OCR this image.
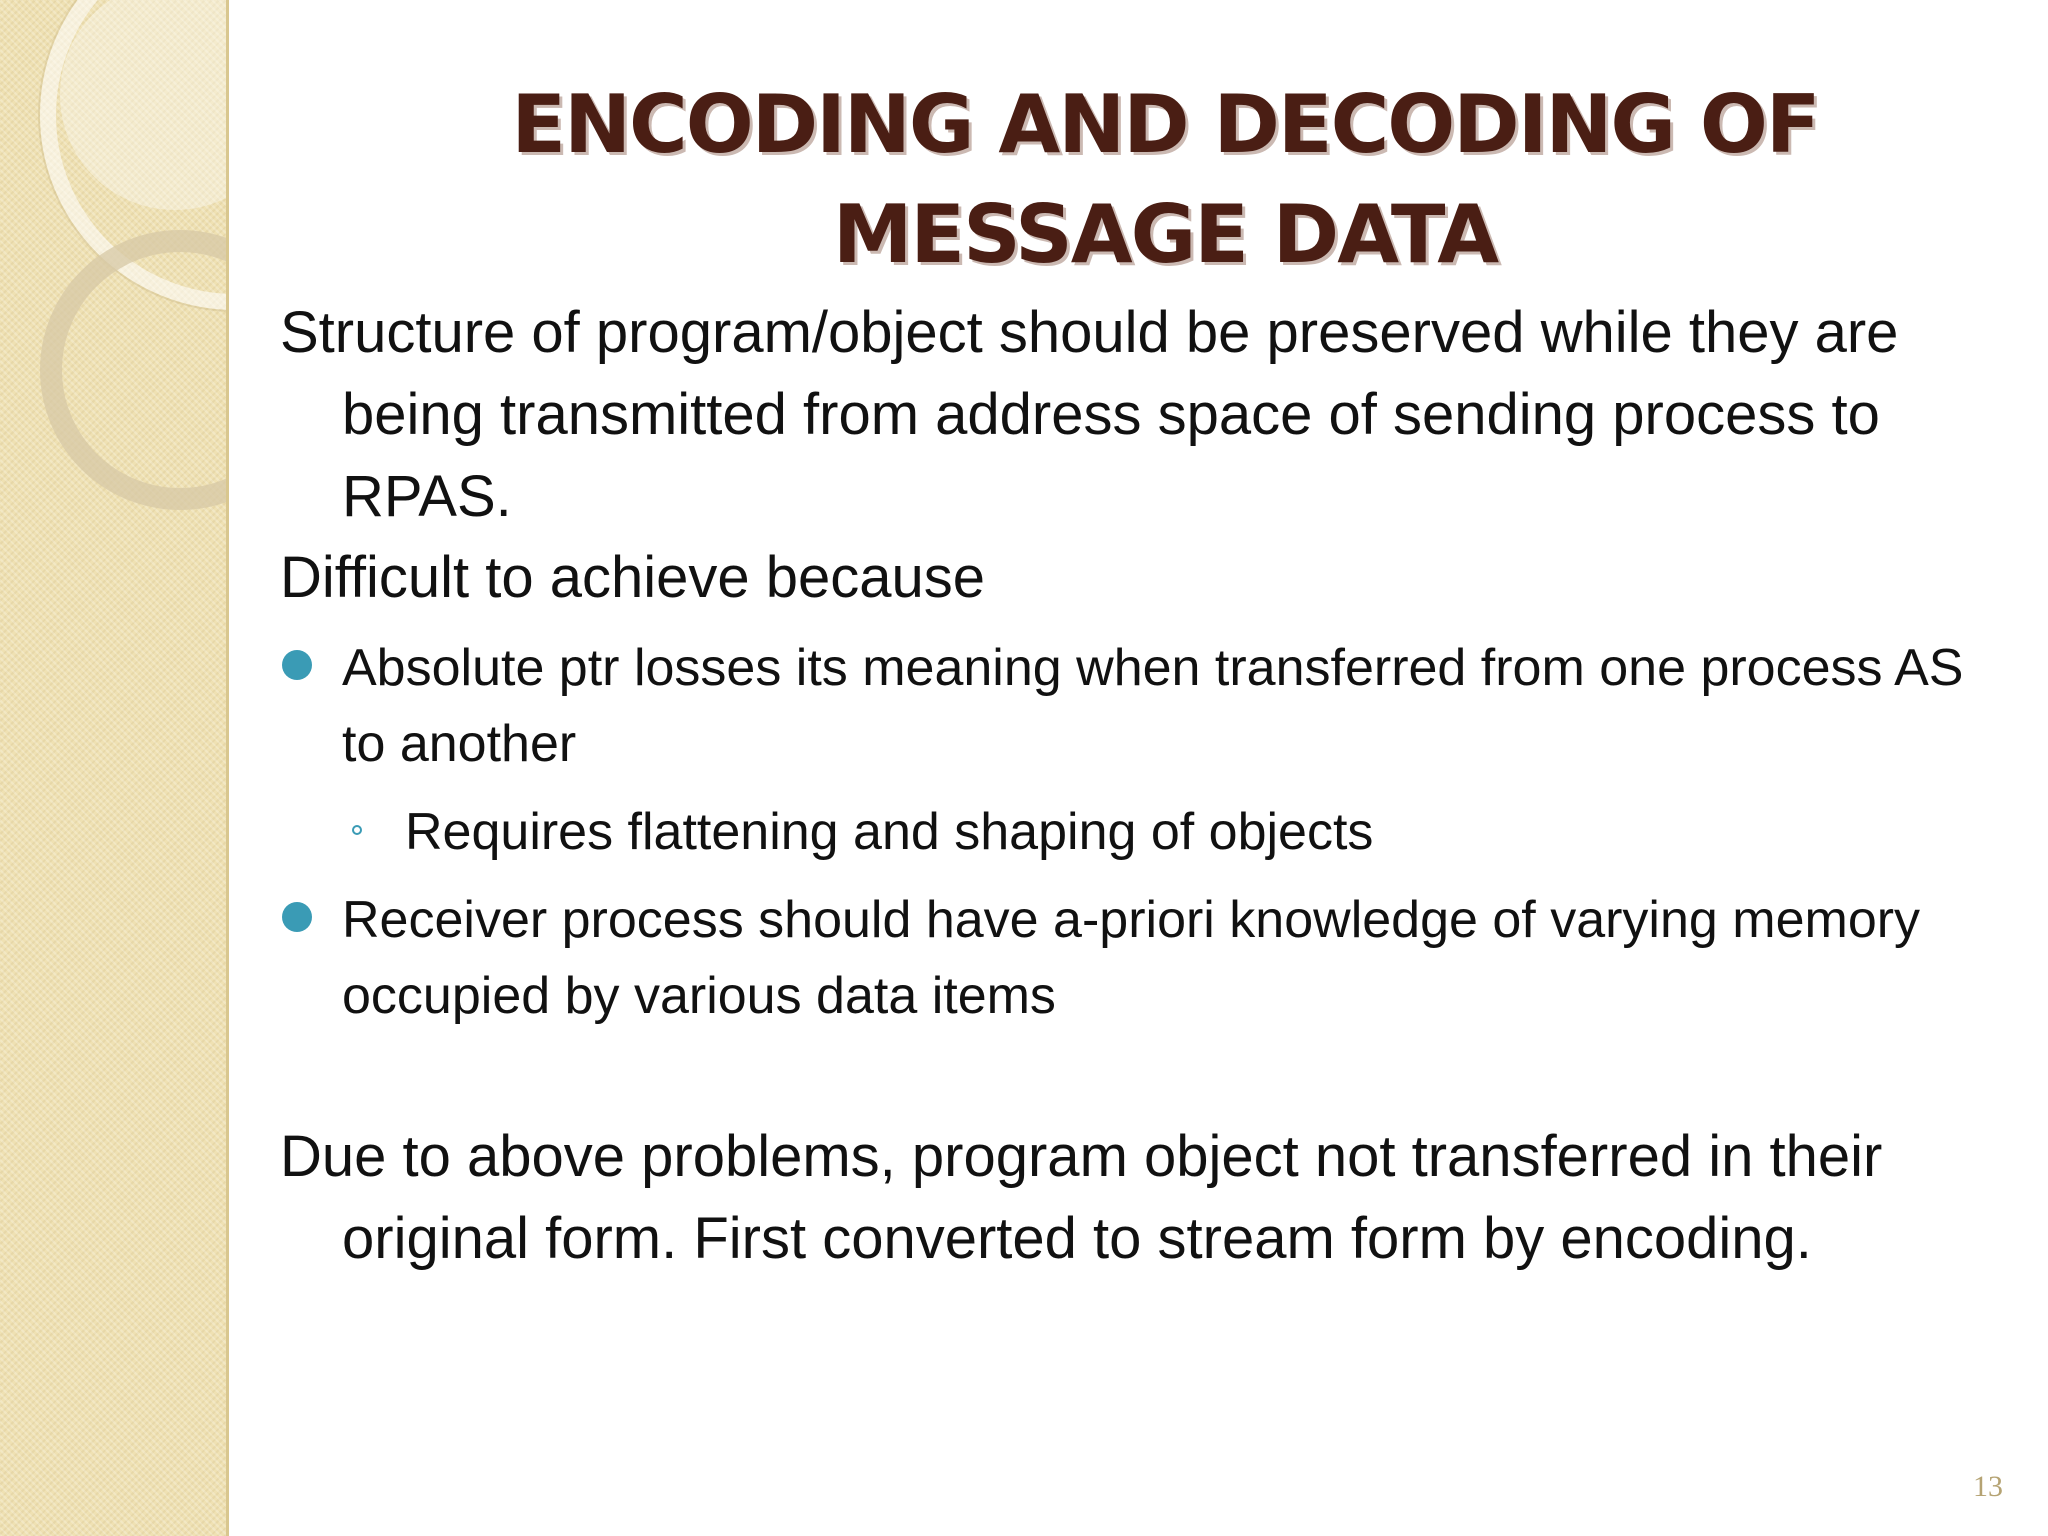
ENCODING AND DECODING OF
MESSAGE DATA

Structure of program/object should be preserved while they are being transmitted from address space of sending process to RPAS.

Difficult to achieve because

Absolute ptr losses its meaning when transferred from one process AS to another
Requires flattening and shaping of objects
Receiver process should have a-priori knowledge of varying memory occupied by various data items

Due to above problems, program object not transferred in their original form. First converted to stream form by encoding.

13
